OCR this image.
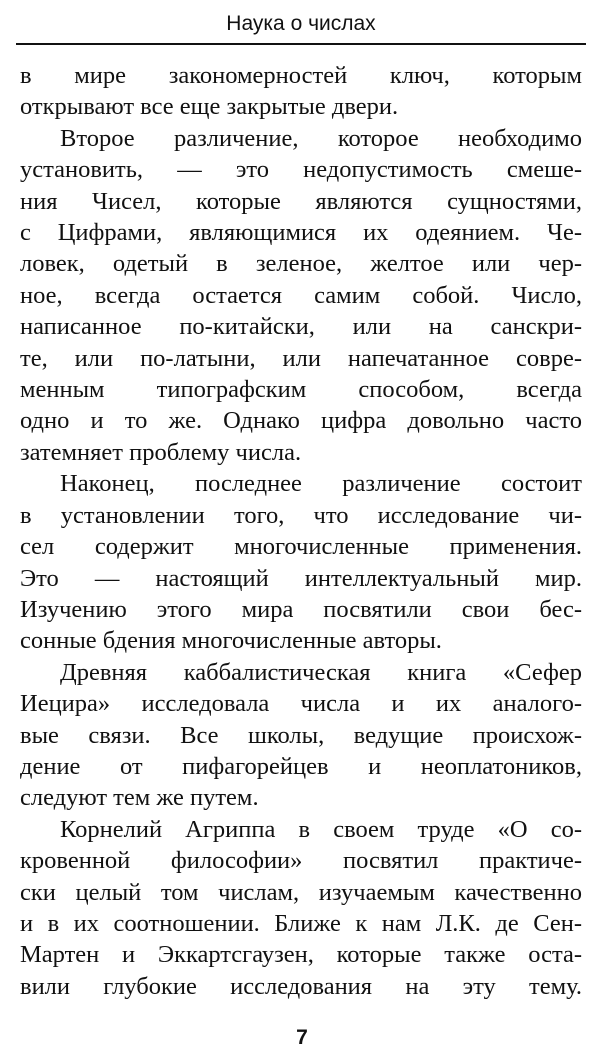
Наука о числах

в мире закономерностей ключ, которым
открывают все еще закрытые двери.

Второе различение, которое необходимо
установить, — это недопустимость смеше-
ния Чисел, которые являются сущностями,
с Цифрами, являющимися их одеянием. Че-
ловек, одетый в зеленое, желтое или чер-
ное, всегда остается самим собой. Число,
написанное по-китайски, или на санскри-
те, или по-латыни, или напечатанное совре-
менным типографским способом, всегда
одно и то же. Однако цифра довольно часто
затемняет проблему числа.

Наконец, последнее различение состоит
в установлении того, что исследование чи-
сел содержит многочисленные применения.
Это — настоящий интеллектуальный мир.
Изучению этого мира посвятили свои бес-
сонные бдения многочисленные авторы.

Древняя каббалистическая книга «Сефер
Иецира» исследовала числа и их аналого-
вые связи. Все школы, ведущие происхож-
дение от пифагорейцев и неоплатоников,
следуют тем же путем.

Корнелий Агриппа в своем труде «О со-
кровенной философии» посвятил практиче-
ски целый том числам, изучаемым качественно
и в их соотношении. Ближе к нам Л.К. де Сен-
Мартен и Эккартсгаузен, которые также оста-
вили глубокие исследования на эту тему.

7
